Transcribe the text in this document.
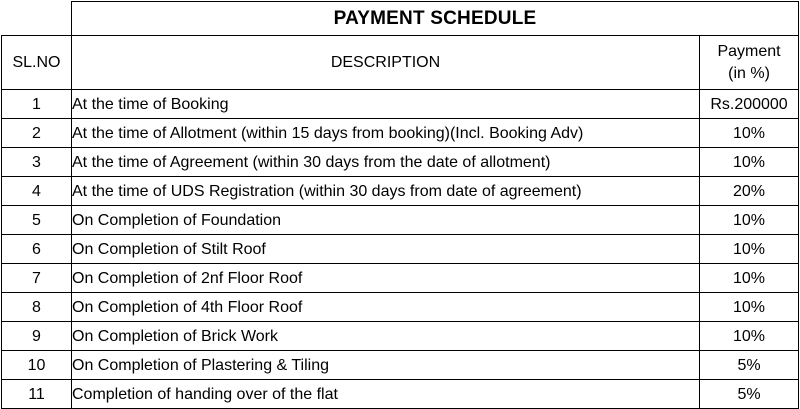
	PAYMENT SCHEDULE	
SL.NO	DESCRIPTION	Payment
(in %)
1	At the time of Booking	Rs.200000
2	At the time of Allotment (within 15 days from booking)(Incl. Booking Adv)	10%
3	At the time of Agreement (within 30 days from the date of allotment)	10%
4	At the time of UDS Registration (within 30 days from date of agreement)	20%
5	On Completion of Foundation	10%
6	On Completion of Stilt Roof	10%
7	On Completion of 2nf Floor Roof	10%
8	On Completion of 4th Floor Roof	10%
9	On Completion of Brick Work	10%
10	On Completion of Plastering & Tiling	5%
11	Completion of handing over of the flat	5%
